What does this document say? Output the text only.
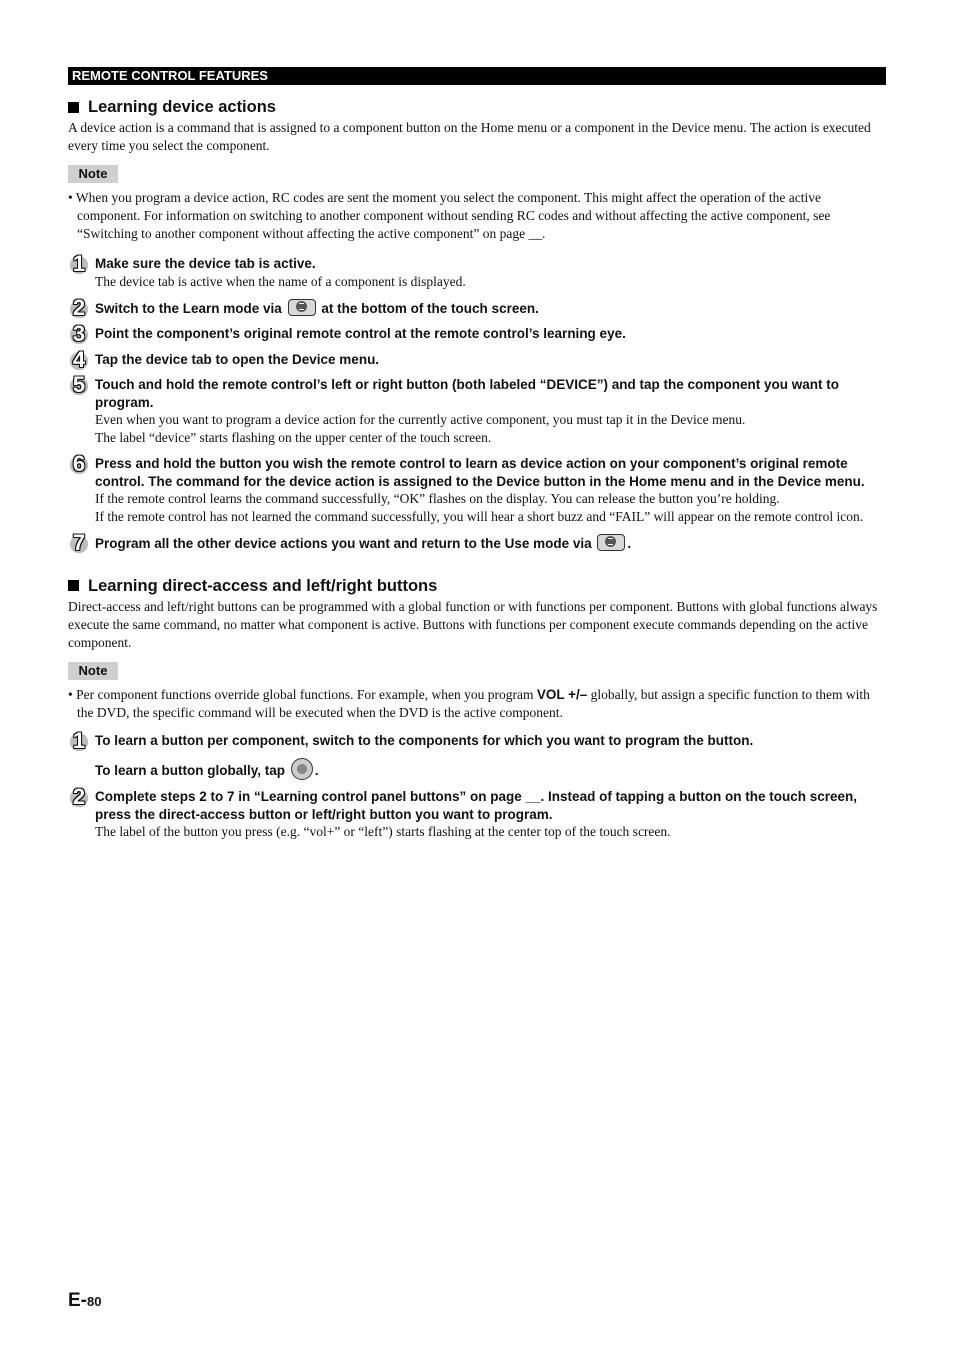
REMOTE CONTROL FEATURES
Learning device actions

A device action is a command that is assigned to a component button on the Home menu or a component in the Device menu. The action is executed every time you select the component.

Note

• When you program a device action, RC codes are sent the moment you select the component. This might affect the operation of the active component. For information on switching to another component without sending RC codes and without affecting the active component, see “Switching to another component without affecting the active component” on page __.

1 Make sure the device tab is active.
The device tab is active when the name of a component is displayed.
2 Switch to the Learn mode via	at the bottom of the touch screen.
3 Point the component’s original remote control at the remote control’s learning eye.
4 Tap the device tab to open the Device menu.
5 Touch and hold the remote control’s left or right button (both labeled “DEVICE”) and tap the component you want to program.
Even when you want to program a device action for the currently active component, you must tap it in the Device menu.
The label “device” starts flashing on the upper center of the touch screen.
6 Press and hold the button you wish the remote control to learn as device action on your component’s original remote control. The command for the device action is assigned to the Device button in the Home menu and in the Device menu.
If the remote control learns the command successfully, “OK” flashes on the display. You can release the button you’re holding.
If the remote control has not learned the command successfully, you will hear a short buzz and “FAIL” will appear on the remote control icon.
7 Program all the other device actions you want and return to the Use mode via	.
Learning direct-access and left/right buttons

Direct-access and left/right buttons can be programmed with a global function or with functions per component. Buttons with global functions always execute the same command, no matter what component is active. Buttons with functions per component execute commands depending on the active component.

Note

• Per component functions override global functions. For example, when you program VOL +/– globally, but assign a specific function to them with the DVD, the specific command will be executed when the DVD is the active component.

1 To learn a button per component, switch to the components for which you want to program the button.
To learn a button globally, tap .
2 Complete steps 2 to 7 in “Learning control panel buttons” on page __. Instead of tapping a button on the touch screen, press the direct-access button or left/right button you want to program.
The label of the button you press (e.g. “vol+” or “left”) starts flashing at the center top of the touch screen.
E-80
